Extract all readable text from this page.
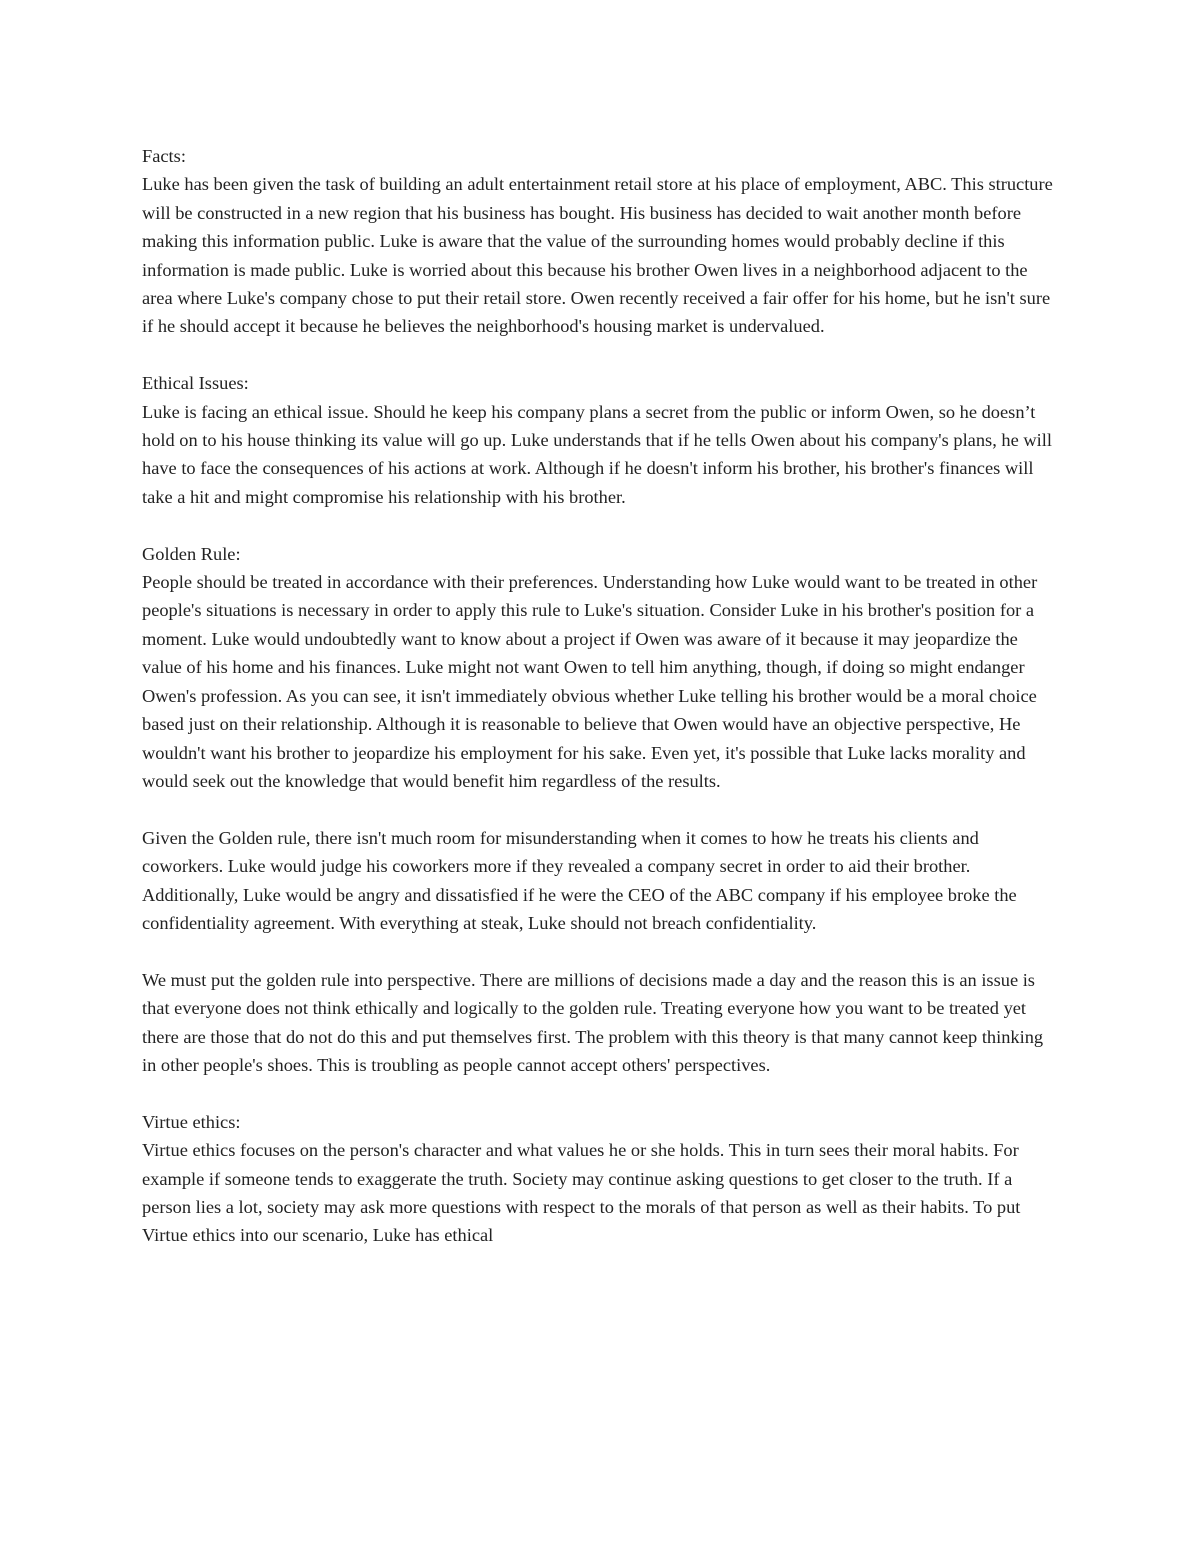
Facts:

Luke has been given the task of building an adult entertainment retail store at his place of employment, ABC. This structure will be constructed in a new region that his business has bought. His business has decided to wait another month before making this information public. Luke is aware that the value of the surrounding homes would probably decline if this information is made public. Luke is worried about this because his brother Owen lives in a neighborhood adjacent to the area where Luke's company chose to put their retail store. Owen recently received a fair offer for his home, but he isn't sure if he should accept it because he believes the neighborhood's housing market is undervalued.

Ethical Issues:

Luke is facing an ethical issue. Should he keep his company plans a secret from the public or inform Owen, so he doesn’t hold on to his house thinking its value will go up. Luke understands that if he tells Owen about his company's plans, he will have to face the consequences of his actions at work. Although if he doesn't inform his brother, his brother's finances will take a hit and might compromise his relationship with his brother.

Golden Rule:

People should be treated in accordance with their preferences. Understanding how Luke would want to be treated in other people's situations is necessary in order to apply this rule to Luke's situation. Consider Luke in his brother's position for a moment. Luke would undoubtedly want to know about a project if Owen was aware of it because it may jeopardize the value of his home and his finances. Luke might not want Owen to tell him anything, though, if doing so might endanger Owen's profession. As you can see, it isn't immediately obvious whether Luke telling his brother would be a moral choice based just on their relationship. Although it is reasonable to believe that Owen would have an objective perspective, He wouldn't want his brother to jeopardize his employment for his sake. Even yet, it's possible that Luke lacks morality and would seek out the knowledge that would benefit him regardless of the results.

Given the Golden rule, there isn't much room for misunderstanding when it comes to how he treats his clients and coworkers. Luke would judge his coworkers more if they revealed a company secret in order to aid their brother. Additionally, Luke would be angry and dissatisfied if he were the CEO of the ABC company if his employee broke the confidentiality agreement. With everything at steak, Luke should not breach confidentiality.

We must put the golden rule into perspective. There are millions of decisions made a day and the reason this is an issue is that everyone does not think ethically and logically to the golden rule. Treating everyone how you want to be treated yet there are those that do not do this and put themselves first. The problem with this theory is that many cannot keep thinking in other people's shoes. This is troubling as people cannot accept others' perspectives.

Virtue ethics:

Virtue ethics focuses on the person's character and what values he or she holds. This in turn sees their moral habits. For example if someone tends to exaggerate the truth. Society may continue asking questions to get closer to the truth. If a person lies a lot, society may ask more questions with respect to the morals of that person as well as their habits. To put Virtue ethics into our scenario, Luke has ethical
